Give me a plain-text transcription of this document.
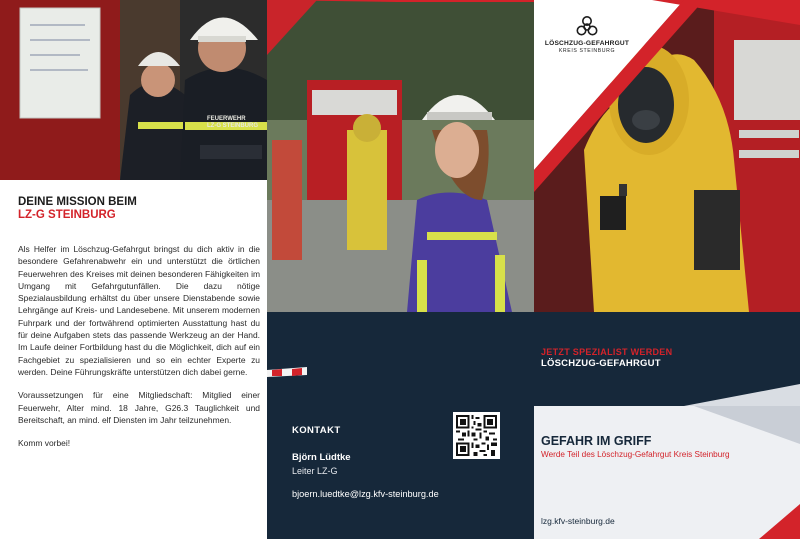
FEUERWEHR
LZ-G STEINBURG
DEINE MISSION BEIM
LZ-G STEINBURG

Als Helfer im Löschzug-Gefahrgut bringst du dich aktiv in die besondere Gefahrenabwehr ein und unterstützt die örtlichen Feuerwehren des Kreises mit deinen besonderen Fähigkeiten im Umgang mit Gefahrgutunfällen. Die dazu nötige Spezialausbildung erhältst du über unsere Dienstabende sowie Lehrgänge auf Kreis- und Landesebene. Mit unserem modernen Fuhrpark und der fortwährend optimierten Ausstattung hast du für deine Aufgaben stets das passende Werkzeug an der Hand. Im Laufe deiner Fortbildung hast du die Möglichkeit, dich auf ein Fachgebiet zu spezialisieren und so ein echter Experte zu werden. Deine Führungskräfte unterstützen dich dabei gerne.

Voraussetzungen für eine Mitgliedschaft: Mitglied einer Feuerwehr, Alter mind. 18 Jahre, G26.3 Tauglichkeit und Bereitschaft, an mind. elf Diensten im Jahr teilzunehmen.

Komm vorbei!

KONTAKT
Björn Lüdtke
Leiter LZ-G
bjoern.luedtke@lzg.kfv-steinburg.de
LÖSCHZUG-GEFAHRGUT
KREIS STEINBURG
JETZT SPEZIALIST WERDEN
LÖSCHZUG-GEFAHRGUT
GEFAHR IM GRIFF
Werde Teil des Löschzug-Gefahrgut Kreis Steinburg
lzg.kfv-steinburg.de
